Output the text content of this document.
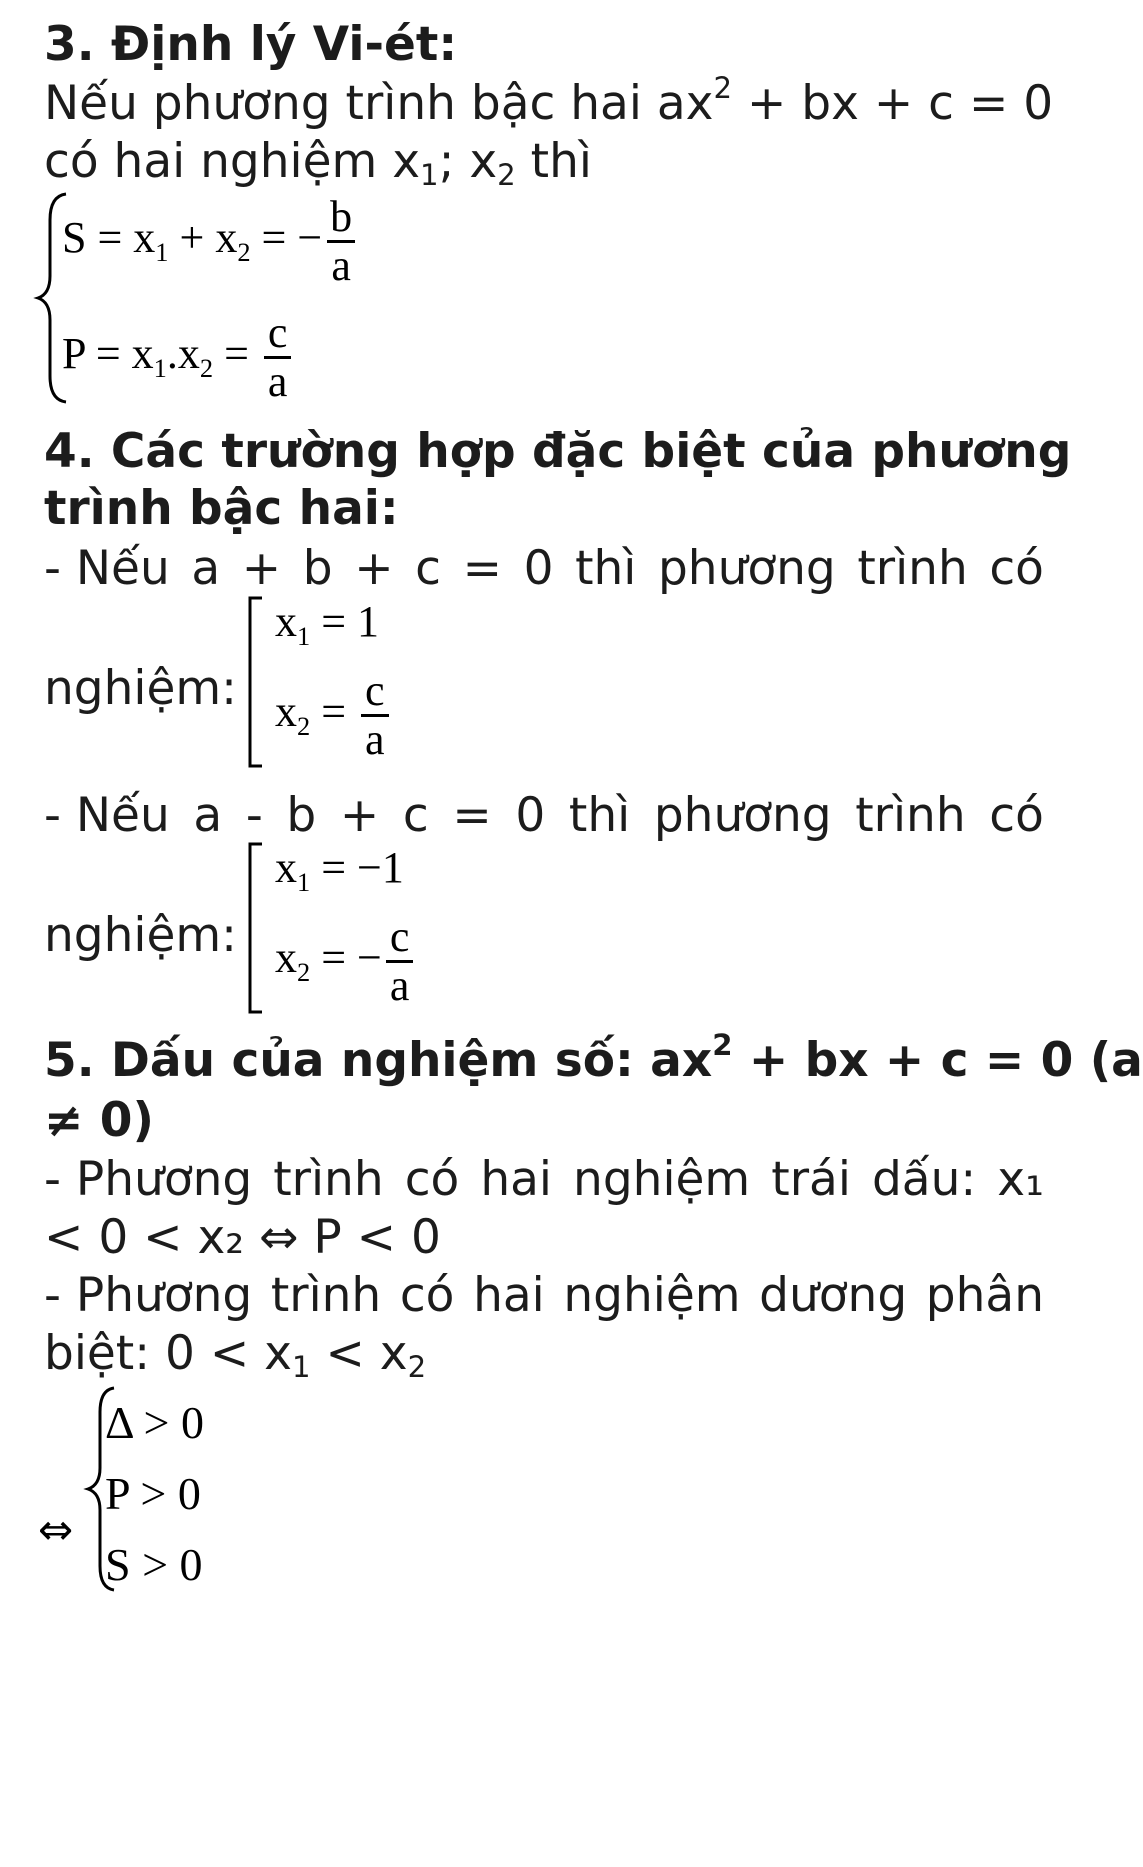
3. Định lý Vi-ét:
Nếu phương trình bậc hai $ax^2$ + bx + c = 0
có hai nghiệm $x_1$; $x_2$ thì
$S = x_1 + x_2$ = − $\frac{b}{a}$
$P = x_1.x_2 = \frac{c}{a}$
4. Các trường hợp đặc biệt của phương
trình bậc hai:
- Nếu a + b + c = 0 thì phương trình có
nghiệm:
$x_1 = 1$
$x_2 = \frac{c}{a}$
- Nếu a - b + c = 0 thì phương trình có
nghiệm:
$x_1 = -1$
$x_2$ = − $\frac{c}{a}$
5. Dấu của nghiệm số: $ax^2$ + bx + c = 0 (a
≠ 0)
- Phương trình có hai nghiệm trái dấu: x₁
< 0 < x₂ ⇔ P < 0
- Phương trình có hai nghiệm dương phân
biệt: $0 < x_1 < x_2$
⇔
Δ > 0
P > 0
S > 0
